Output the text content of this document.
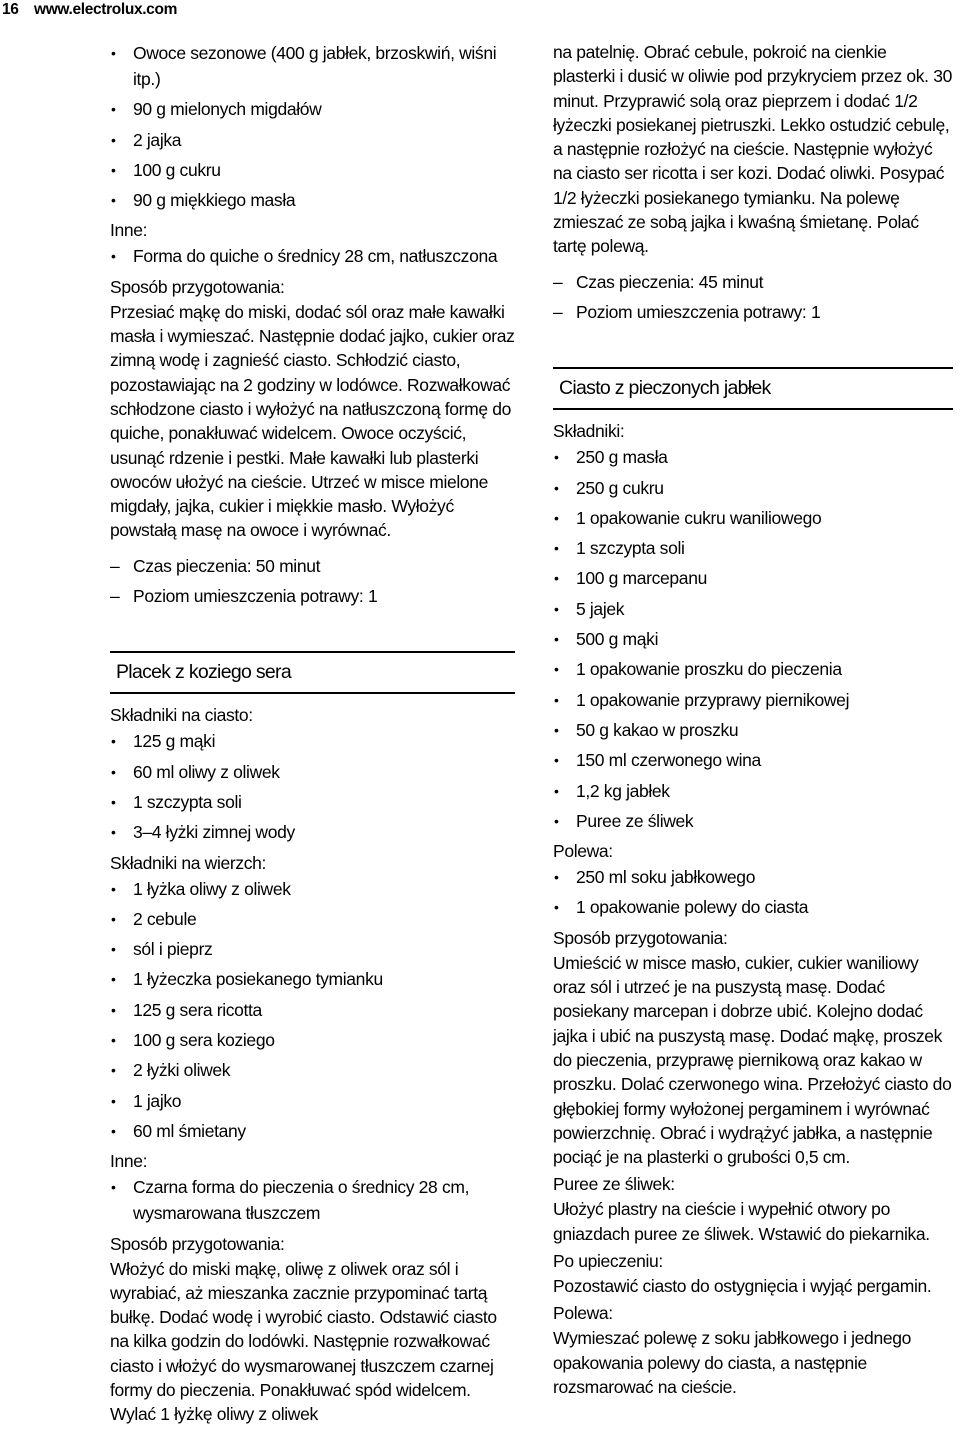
16 www.electrolux.com
• Owoce sezonowe (400 g jabłek, brzoskwiń, wiśni itp.)
• 90 g mielonych migdałów
• 2 jajka
• 100 g cukru
• 90 g miękkiego masła
Inne:
• Forma do quiche o średnicy 28 cm, natłuszczona
Sposób przygotowania:

Przesiać mąkę do miski, dodać sól oraz małe kawałki masła i wymieszać. Następnie dodać jajko, cukier oraz zimną wodę i zagnieść ciasto. Schłodzić ciasto, pozostawiając na 2 godziny w lodówce. Rozwałkować schłodzone ciasto i wyłożyć na natłuszczoną formę do quiche, ponakłuwać widelcem. Owoce oczyścić, usunąć rdzenie i pestki. Małe kawałki lub plasterki owoców ułożyć na cieście. Utrzeć w misce mielone migdały, jajka, cukier i miękkie masło. Wyłożyć powstałą masę na owoce i wyrównać.

– Czas pieczenia: 50 minut
– Poziom umieszczenia potrawy: 1
Placek z koziego sera
Składniki na ciasto:
• 125 g mąki
• 60 ml oliwy z oliwek
• 1 szczypta soli
• 3–4 łyżki zimnej wody
Składniki na wierzch:
• 1 łyżka oliwy z oliwek
• 2 cebule
• sól i pieprz
• 1 łyżeczka posiekanego tymianku
• 125 g sera ricotta
• 100 g sera koziego
• 2 łyżki oliwek
• 1 jajko
• 60 ml śmietany
Inne:
• Czarna forma do pieczenia o średnicy 28 cm, wysmarowana tłuszczem
Sposób przygotowania:

Włożyć do miski mąkę, oliwę z oliwek oraz sól i wyrabiać, aż mieszanka zacznie przypominać tartą bułkę. Dodać wodę i wyrobić ciasto. Odstawić ciasto na kilka godzin do lodówki. Następnie rozwałkować ciasto i włożyć do wysmarowanej tłuszczem czarnej formy do pieczenia. Ponakłuwać spód widelcem. Wylać 1 łyżkę oliwy z oliwek

na patelnię. Obrać cebule, pokroić na cienkie plasterki i dusić w oliwie pod przykryciem przez ok. 30 minut. Przyprawić solą oraz pieprzem i dodać 1/2 łyżeczki posiekanej pietruszki. Lekko ostudzić cebulę, a następnie rozłożyć na cieście. Następnie wyłożyć na ciasto ser ricotta i ser kozi. Dodać oliwki. Posypać 1/2 łyżeczki posiekanego tymianku. Na polewę zmieszać ze sobą jajka i kwaśną śmietanę. Polać tartę polewą.

– Czas pieczenia: 45 minut
– Poziom umieszczenia potrawy: 1
Ciasto z pieczonych jabłek
Składniki:
• 250 g masła
• 250 g cukru
• 1 opakowanie cukru waniliowego
• 1 szczypta soli
• 100 g marcepanu
• 5 jajek
• 500 g mąki
• 1 opakowanie proszku do pieczenia
• 1 opakowanie przyprawy piernikowej
• 50 g kakao w proszku
• 150 ml czerwonego wina
• 1,2 kg jabłek
• Puree ze śliwek
Polewa:
• 250 ml soku jabłkowego
• 1 opakowanie polewy do ciasta
Sposób przygotowania:

Umieścić w misce masło, cukier, cukier waniliowy oraz sól i utrzeć je na puszystą masę. Dodać posiekany marcepan i dobrze ubić. Kolejno dodać jajka i ubić na puszystą masę. Dodać mąkę, proszek do pieczenia, przyprawę piernikową oraz kakao w proszku. Dolać czerwonego wina. Przełożyć ciasto do głębokiej formy wyłożonej pergaminem i wyrównać powierzchnię. Obrać i wydrążyć jabłka, a następnie pociąć je na plasterki o grubości 0,5 cm.

Puree ze śliwek:

Ułożyć plastry na cieście i wypełnić otwory po gniazdach puree ze śliwek. Wstawić do piekarnika.

Po upieczeniu:

Pozostawić ciasto do ostygnięcia i wyjąć pergamin.

Polewa:

Wymieszać polewę z soku jabłkowego i jednego opakowania polewy do ciasta, a następnie rozsmarować na cieście.
